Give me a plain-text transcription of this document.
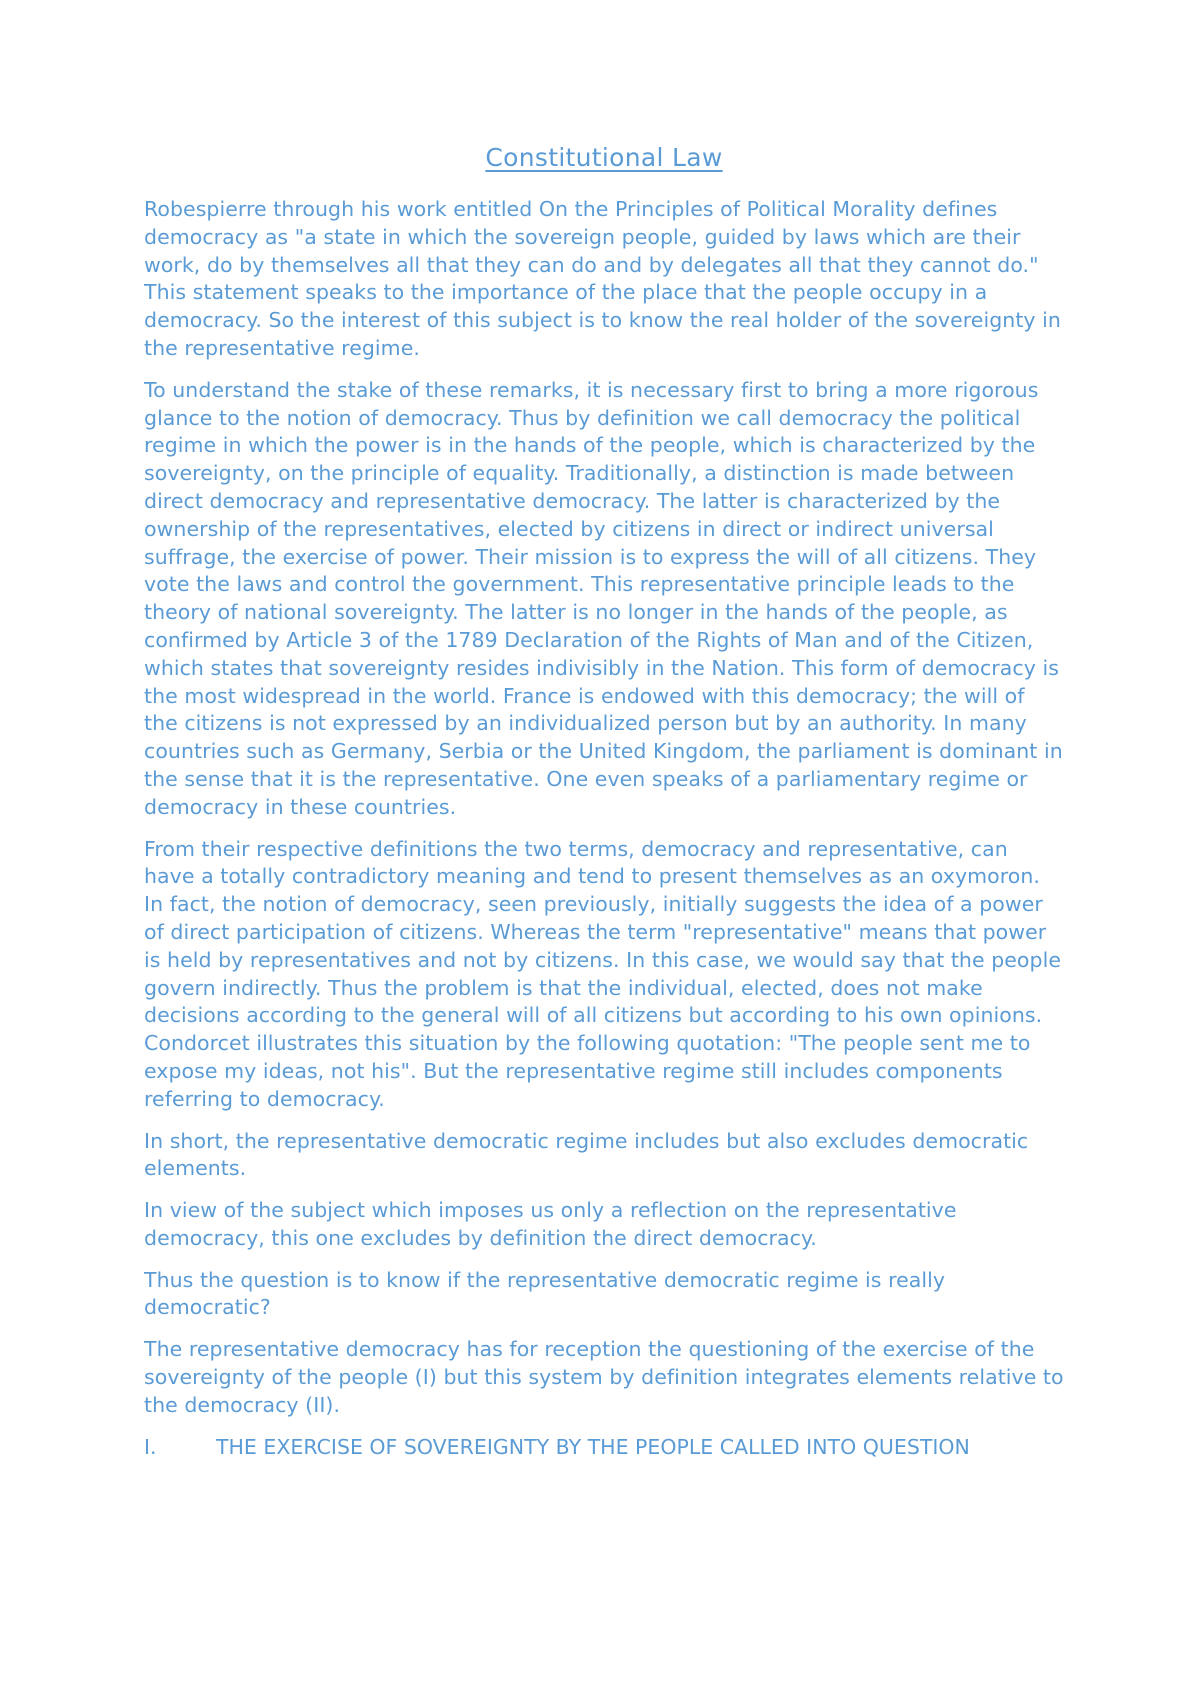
Constitutional Law

Robespierre through his work entitled On the Principles of Political Morality defines democracy as "a state in which the sovereign people, guided by laws which are their work, do by themselves all that they can do and by delegates all that they cannot do." This statement speaks to the importance of the place that the people occupy in a democracy. So the interest of this subject is to know the real holder of the sovereignty in the representative regime.

To understand the stake of these remarks, it is necessary first to bring a more rigorous glance to the notion of democracy. Thus by definition we call democracy the political regime in which the power is in the hands of the people, which is characterized by the sovereignty, on the principle of equality. Traditionally, a distinction is made between direct democracy and representative democracy. The latter is characterized by the ownership of the representatives, elected by citizens in direct or indirect universal suffrage, the exercise of power. Their mission is to express the will of all citizens. They vote the laws and control the government. This representative principle leads to the theory of national sovereignty. The latter is no longer in the hands of the people, as confirmed by Article 3 of the 1789 Declaration of the Rights of Man and of the Citizen, which states that sovereignty resides indivisibly in the Nation. This form of democracy is the most widespread in the world. France is endowed with this democracy; the will of the citizens is not expressed by an individualized person but by an authority. In many countries such as Germany, Serbia or the United Kingdom, the parliament is dominant in the sense that it is the representative. One even speaks of a parliamentary regime or democracy in these countries.

From their respective definitions the two terms, democracy and representative, can have a totally contradictory meaning and tend to present themselves as an oxymoron. In fact, the notion of democracy, seen previously, initially suggests the idea of a power of direct participation of citizens. Whereas the term "representative" means that power is held by representatives and not by citizens. In this case, we would say that the people govern indirectly. Thus the problem is that the individual, elected, does not make decisions according to the general will of all citizens but according to his own opinions. Condorcet illustrates this situation by the following quotation: "The people sent me to expose my ideas, not his". But the representative regime still includes components referring to democracy.

In short, the representative democratic regime includes but also excludes democratic elements.

In view of the subject which imposes us only a reflection on the representative democracy, this one excludes by definition the direct democracy.

Thus the question is to know if the representative democratic regime is really democratic?

The representative democracy has for reception the questioning of the exercise of the sovereignty of the people (I) but this system by definition integrates elements relative to the democracy (II).

I.	THE EXERCISE OF SOVEREIGNTY BY THE PEOPLE CALLED INTO QUESTION
